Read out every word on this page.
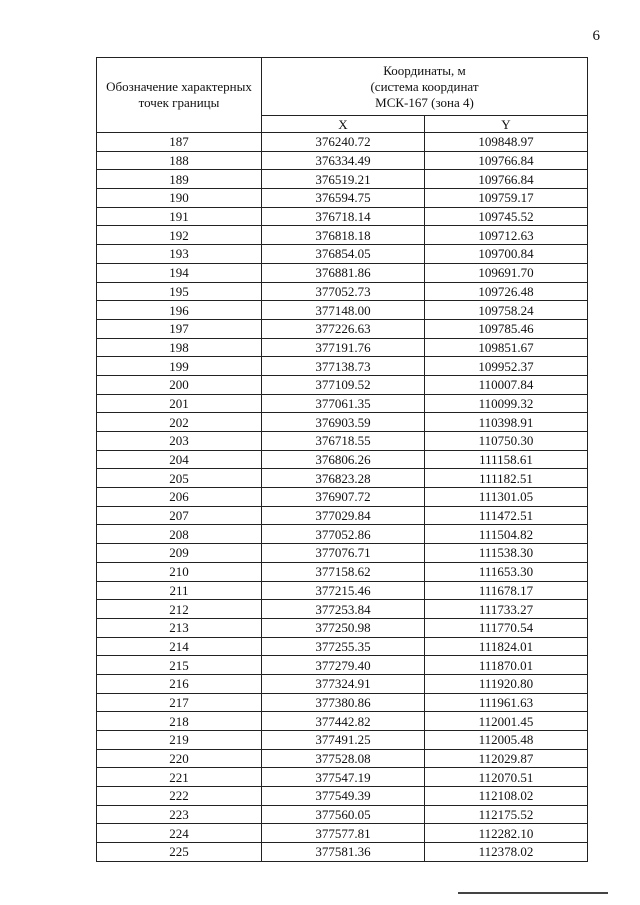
6
Обозначение характерных точек границы	Координаты, м
(система координат
МСК-167 (зона 4)	
	X	Y
187	376240.72	109848.97
188	376334.49	109766.84
189	376519.21	109766.84
190	376594.75	109759.17
191	376718.14	109745.52
192	376818.18	109712.63
193	376854.05	109700.84
194	376881.86	109691.70
195	377052.73	109726.48
196	377148.00	109758.24
197	377226.63	109785.46
198	377191.76	109851.67
199	377138.73	109952.37
200	377109.52	110007.84
201	377061.35	110099.32
202	376903.59	110398.91
203	376718.55	110750.30
204	376806.26	111158.61
205	376823.28	111182.51
206	376907.72	111301.05
207	377029.84	111472.51
208	377052.86	111504.82
209	377076.71	111538.30
210	377158.62	111653.30
211	377215.46	111678.17
212	377253.84	111733.27
213	377250.98	111770.54
214	377255.35	111824.01
215	377279.40	111870.01
216	377324.91	111920.80
217	377380.86	111961.63
218	377442.82	112001.45
219	377491.25	112005.48
220	377528.08	112029.87
221	377547.19	112070.51
222	377549.39	112108.02
223	377560.05	112175.52
224	377577.81	112282.10
225	377581.36	112378.02
